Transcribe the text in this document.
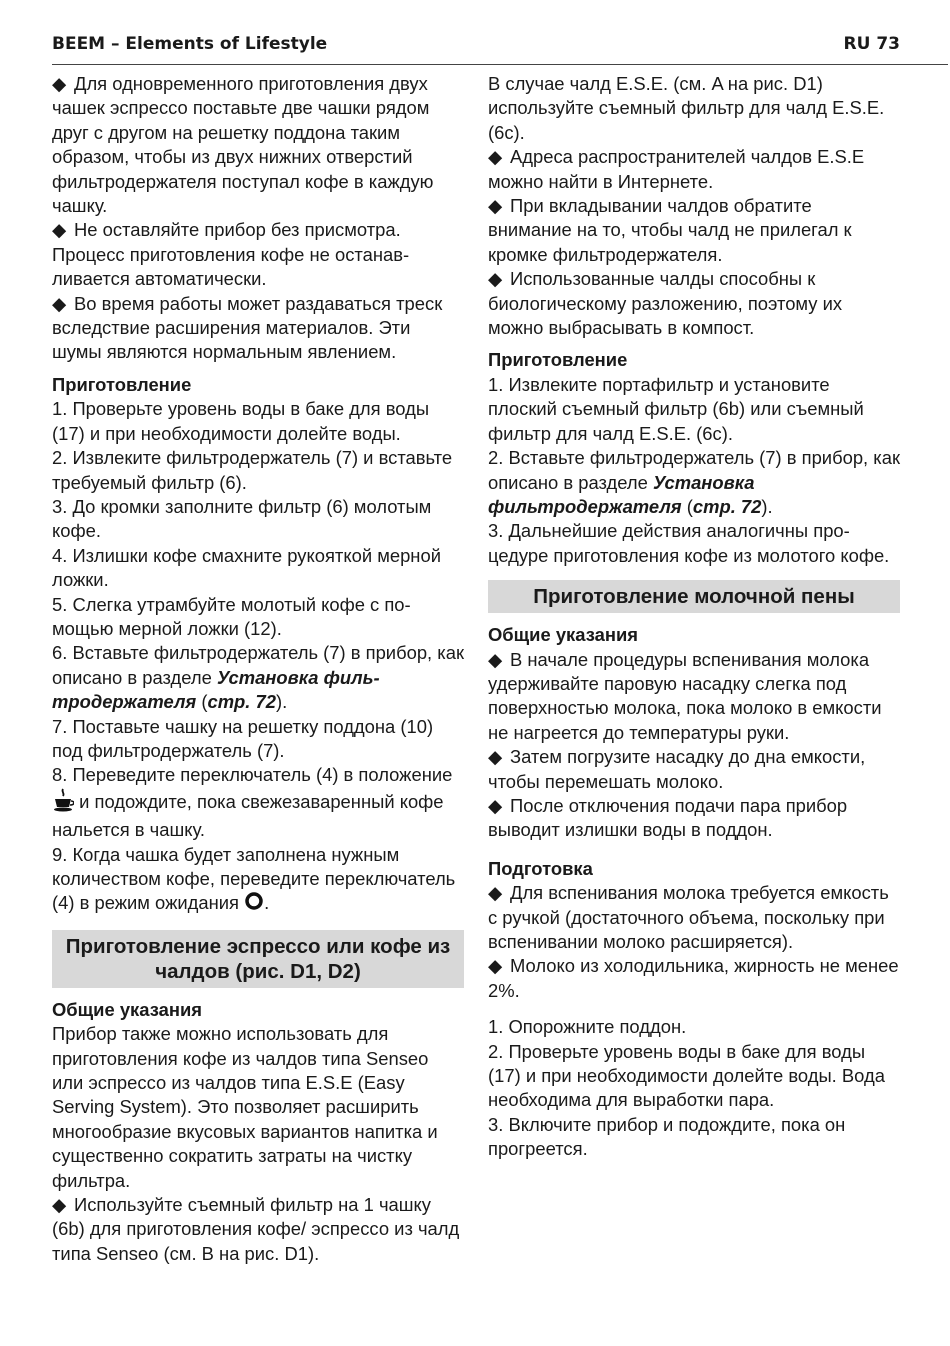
BEEM – Elements of Lifestyle	RU 73

◆ Для одновременного приготовления двух чашек эспрессо поставьте две чашки рядом друг с другом на решетку поддона таким образом, чтобы из двух нижних отверстий фильтродержателя поступал кофе в каждую чашку.

◆ Не оставляйте прибор без присмотра. Процесс приготовления кофе не останавливается автоматически.

◆ Во время работы может раздаваться треск вследствие расширения материалов. Эти шумы являются нормальным явлением.

Приготовление

1. Проверьте уровень воды в баке для воды (17) и при необходимости долейте воды.

2. Извлеките фильтродержатель (7) и вставьте требуемый фильтр (6).

3. До кромки заполните фильтр (6) молотым кофе.

4. Излишки кофе смахните рукояткой мерной ложки.

5. Слегка утрамбуйте молотый кофе с помощью мерной ложки (12).

6. Вставьте фильтродержатель (7) в прибор, как описано в разделе Установка фильтродержателя (стр. 72).

7. Поставьте чашку на решетку поддона (10) под фильтродержатель (7).

8. Переведите переключатель (4) в положение  и подождите, пока свежезаваренный кофе нальется в чашку.

9. Когда чашка будет заполнена нужным количеством кофе, переведите переключатель (4) в режим ожидания .

Приготовление эспрессо или кофе из чалдов (рис. D1, D2)

Общие указания

Прибор также можно использовать для приготовления кофе из чалдов типа Senseo или эспрессо из чалдов типа E.S.E (Easy Serving System). Это позволяет расширить многообразие вкусовых вариантов напитка и существенно сократить затраты на чистку фильтра.

◆ Используйте съемный фильтр на 1 чашку (6b) для приготовления кофе/ эспрессо из чалд типа Senseo (см. B на рис. D1).

В случае чалд E.S.E. (см. A на рис. D1) используйте съемный фильтр для чалд E.S.E. (6c).

◆ Адреса распространителей чалдов E.S.E можно найти в Интернете.

◆ При вкладывании чалдов обратите внимание на то, чтобы чалд не прилегал к кромке фильтродержателя.

◆ Использованные чалды способны к биологическому разложению, поэтому их можно выбрасывать в компост.

Приготовление

1. Извлеките портафильтр и установите плоский съемный фильтр (6b) или съемный фильтр для чалд E.S.E. (6c).

2. Вставьте фильтродержатель (7) в прибор, как описано в разделе Установка фильтродержателя (стр. 72).

3. Дальнейшие действия аналогичны процедуре приготовления кофе из молотого кофе.

Приготовление молочной пены

Общие указания

◆ В начале процедуры вспенивания молока удерживайте паровую насадку слегка под поверхностью молока, пока молоко в емкости не нагреется до температуры руки.

◆ Затем погрузите насадку до дна емкости, чтобы перемешать молоко.

◆ После отключения подачи пара прибор выводит излишки воды в поддон.

Подготовка

◆ Для вспенивания молока требуется емкость с ручкой (достаточного объема, поскольку при вспенивании молоко расширяется).

◆ Молоко из холодильника, жирность не менее 2%.

1. Опорожните поддон.

2. Проверьте уровень воды в баке для воды (17) и при необходимости долейте воды. Вода необходима для выработки пара.

3. Включите прибор и подождите, пока он прогреется.
